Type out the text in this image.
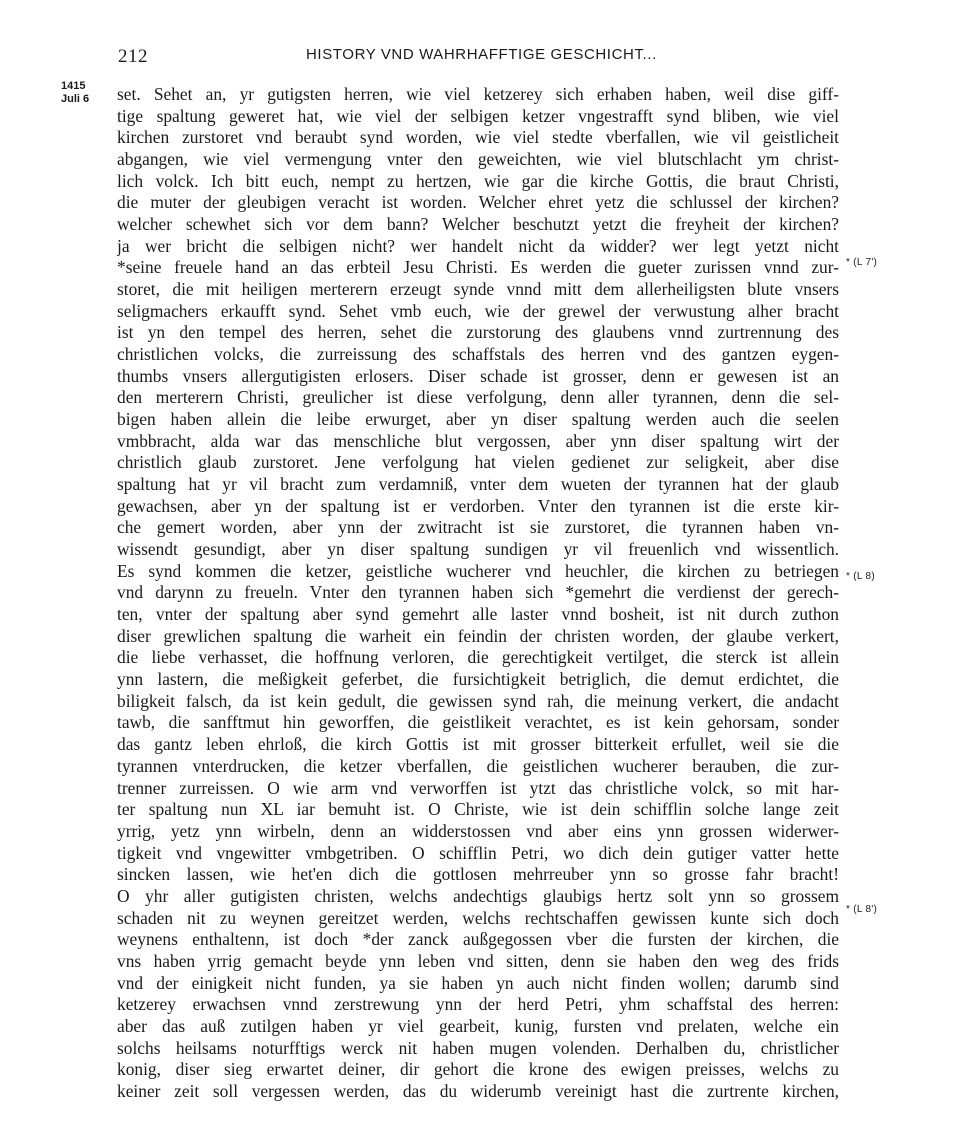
212	HISTORY VND WAHRHAFFTIGE GESCHICHT...
1415
Juli 6	set. Sehet an, yr gutigsten herren, wie viel ketzerey sich erhaben haben, weil dise giff-
tige spaltung geweret hat, wie viel der selbigen ketzer vngestrafft synd bliben, wie viel
kirchen zurstoret vnd beraubt synd worden, wie viel stedte vberfallen, wie vil geistlicheit
abgangen, wie viel vermengung vnter den geweichten, wie viel blutschlacht ym christ-
lich volck. Ich bitt euch, nempt zu hertzen, wie gar die kirche Gottis, die braut Christi,
die muter der gleubigen veracht ist worden. Welcher ehret yetz die schlussel der kirchen?
welcher schewhet sich vor dem bann? Welcher beschutzt yetzt die freyheit der kirchen?
ja wer bricht die selbigen nicht? wer handelt nicht da widder? wer legt yetzt nicht
*seine freuele hand an das erbteil Jesu Christi. Es werden die gueter zurissen vnnd zur-
storet, die mit heiligen merterern erzeugt synde vnnd mitt dem allerheiligsten blute vnsers
seligmachers erkaufft synd. Sehet vmb euch, wie der grewel der verwustung alher bracht
ist yn den tempel des herren, sehet die zurstorung des glaubens vnnd zurtrennung des
christlichen volcks, die zurreissung des schaffstals des herren vnd des gantzen eygen-
thumbs vnsers allergutigisten erlosers. Diser schade ist grosser, denn er gewesen ist an
den merterern Christi, greulicher ist diese verfolgung, denn aller tyrannen, denn die sel-
bigen haben allein die leibe erwurget, aber yn diser spaltung werden auch die seelen
vmbbracht, alda war das menschliche blut vergossen, aber ynn diser spaltung wirt der
christlich glaub zurstoret. Jene verfolgung hat vielen gedienet zur seligkeit, aber dise
spaltung hat yr vil bracht zum verdamniß, vnter dem wueten der tyrannen hat der glaub
gewachsen, aber yn der spaltung ist er verdorben. Vnter den tyrannen ist die erste kir-
che gemert worden, aber ynn der zwitracht ist sie zurstoret, die tyrannen haben vn-
wissendt gesundigt, aber yn diser spaltung sundigen yr vil freuenlich vnd wissentlich.
Es synd kommen die ketzer, geistliche wucherer vnd heuchler, die kirchen zu betriegen
vnd darynn zu freueln. Vnter den tyrannen haben sich *gemehrt die verdienst der gerech-
ten, vnter der spaltung aber synd gemehrt alle laster vnnd bosheit, ist nit durch zuthon
diser grewlichen spaltung die warheit ein feindin der christen worden, der glaube verkert,
die liebe verhasset, die hoffnung verloren, die gerechtigkeit vertilget, die sterck ist allein
ynn lastern, die meßigkeit geferbet, die fursichtigkeit betriglich, die demut erdichtet, die
biligkeit falsch, da ist kein gedult, die gewissen synd rah, die meinung verkert, die andacht
tawb, die sanfftmut hin geworffen, die geistlikeit verachtet, es ist kein gehorsam, sonder
das gantz leben ehrloß, die kirch Gottis ist mit grosser bitterkeit erfullet, weil sie die
tyrannen vnterdrucken, die ketzer vberfallen, die geistlichen wucherer berauben, die zur-
trenner zurreissen. O wie arm vnd verworffen ist ytzt das christliche volck, so mit har-
ter spaltung nun XL iar bemuht ist. O Christe, wie ist dein schifflin solche lange zeit
yrrig, yetz ynn wirbeln, denn an widderstossen vnd aber eins ynn grossen widerwer-
tigkeit vnd vngewitter vmbgetriben. O schifflin Petri, wo dich dein gutiger vatter hette
sincken lassen, wie het'en dich die gottlosen mehrreuber ynn so grosse fahr bracht!
O yhr aller gutigisten christen, welchs andechtigs glaubigs hertz solt ynn so grossem
schaden nit zu weynen gereitzet werden, welchs rechtschaffen gewissen kunte sich doch
weynens enthaltenn, ist doch *der zanck außgegossen vber die fursten der kirchen, die
vns haben yrrig gemacht beyde ynn leben vnd sitten, denn sie haben den weg des frids
vnd der einigkeit nicht funden, ya sie haben yn auch nicht finden wollen; darumb sind
ketzerey erwachsen vnnd zerstrewung ynn der herd Petri, yhm schaffstal des herren:
aber das auß zutilgen haben yr viel gearbeit, kunig, fursten vnd prelaten, welche ein
solchs heilsams noturfftigs werck nit haben mugen volenden. Derhalben du, christlicher
konig, diser sieg erwartet deiner, dir gehort die krone des ewigen preisses, welchs zu
keiner zeit soll vergessen werden, das du widerumb vereinigt hast die zurtrente kirchen,
* (L 7')
* (L 8)
* (L 8')
